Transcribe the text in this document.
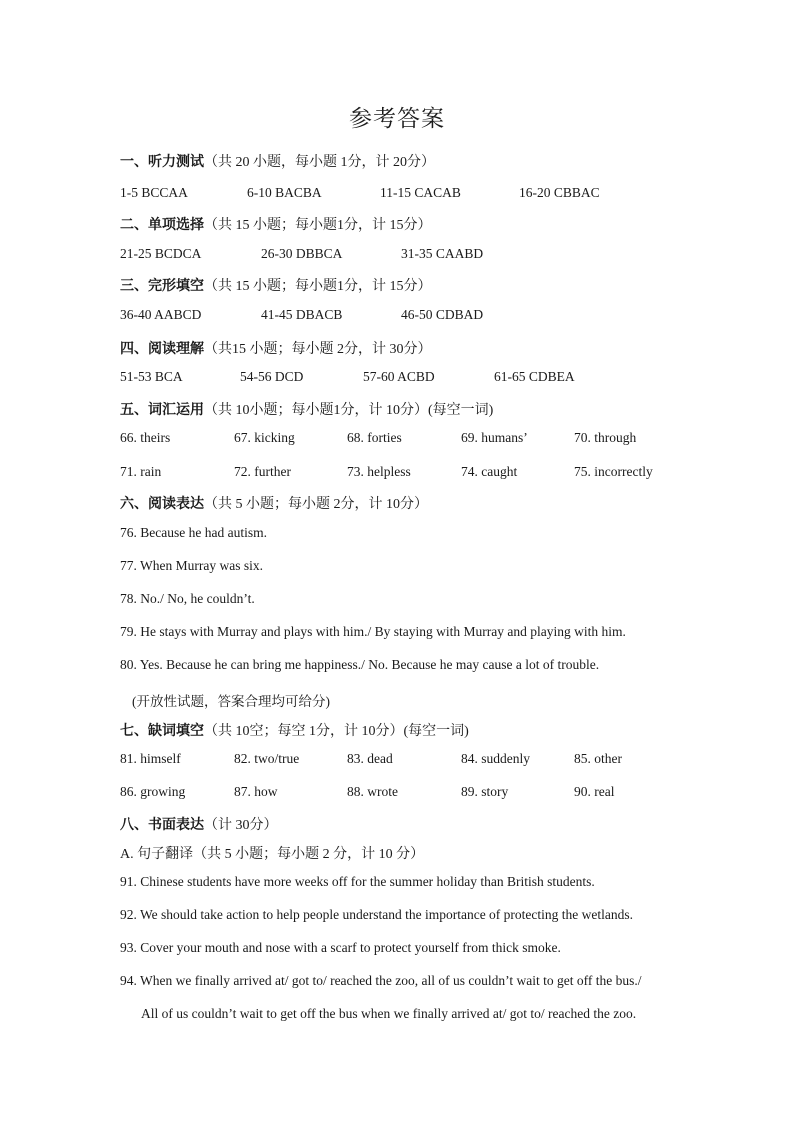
参考答案
一、听力测试（共 20 小题，每小题 1分，计 20分）
1-5 BCCAA	6-10 BACBA	11-15 CACAB	16-20 CBBAC
二、单项选择（共 15 小题；每小题1分，计 15分）
21-25 BCDCA	26-30 DBBCA	31-35 CAABD
三、完形填空（共 15 小题；每小题1分，计 15分）
36-40 AABCD	41-45 DBACB	46-50 CDBAD
四、阅读理解（共15 小题；每小题 2分，计 30分）
51-53 BCA	54-56 DCD	57-60 ACBD	61-65 CDBEA
五、词汇运用（共 10小题；每小题1分，计 10分）(每空一词)
66. theirs	67. kicking	68. forties	69. humans’	70. through
71. rain	72. further	73. helpless	74. caught	75. incorrectly
六、阅读表达（共 5 小题；每小题 2分，计 10分）
76. Because he had autism.
77. When Murray was six.
78. No./ No, he couldn’t.
79. He stays with Murray and plays with him./ By staying with Murray and playing with him.
80. Yes. Because he can bring me happiness./ No. Because he may cause a lot of trouble.
(开放性试题，答案合理均可给分)
七、缺词填空（共 10空；每空 1分，计 10分）(每空一词)
81. himself	82. two/true	83. dead	84. suddenly	85. other
86. growing	87. how	88. wrote	89. story	90. real
八、书面表达（计 30分）
A. 句子翻译（共 5 小题；每小题 2 分，计 10 分）
91. Chinese students have more weeks off for the summer holiday than British students.
92. We should take action to help people understand the importance of protecting the wetlands.
93. Cover your mouth and nose with a scarf to protect yourself from thick smoke.
94. When we finally arrived at/ got to/ reached the zoo, all of us couldn’t wait to get off the bus./
All of us couldn’t wait to get off the bus when we finally arrived at/ got to/ reached the zoo.
